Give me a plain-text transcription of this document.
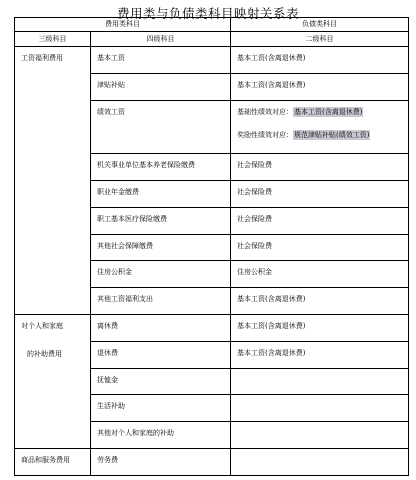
费用类与负债类科目映射关系表
费用类科目		负债类科目
三级科目	四级科目	二级科目

工资福利费用	基本工资	基本工资(含离退休费)

	津贴补贴	基本工资(含离退休费)

	绩效工资	基础性绩效对应：基本工资(含离退休费)
奖励性绩效对应：规范津贴补贴(绩效工资)

	机关事业单位基本养老保险缴费	社会保险费

	职业年金缴费	社会保险费

	职工基本医疗保险缴费	社会保险费

	其他社会保障缴费	社会保险费

	住房公积金	住房公积金

	其他工资福利支出	基本工资(含离退休费)

对个人和家庭

的补助费用	离休费	基本工资(含离退休费)

	退休费	基本工资(含离退休费)

	抚恤金	

	生活补助	

	其他对个人和家庭的补助	

商品和服务费用	劳务费	
